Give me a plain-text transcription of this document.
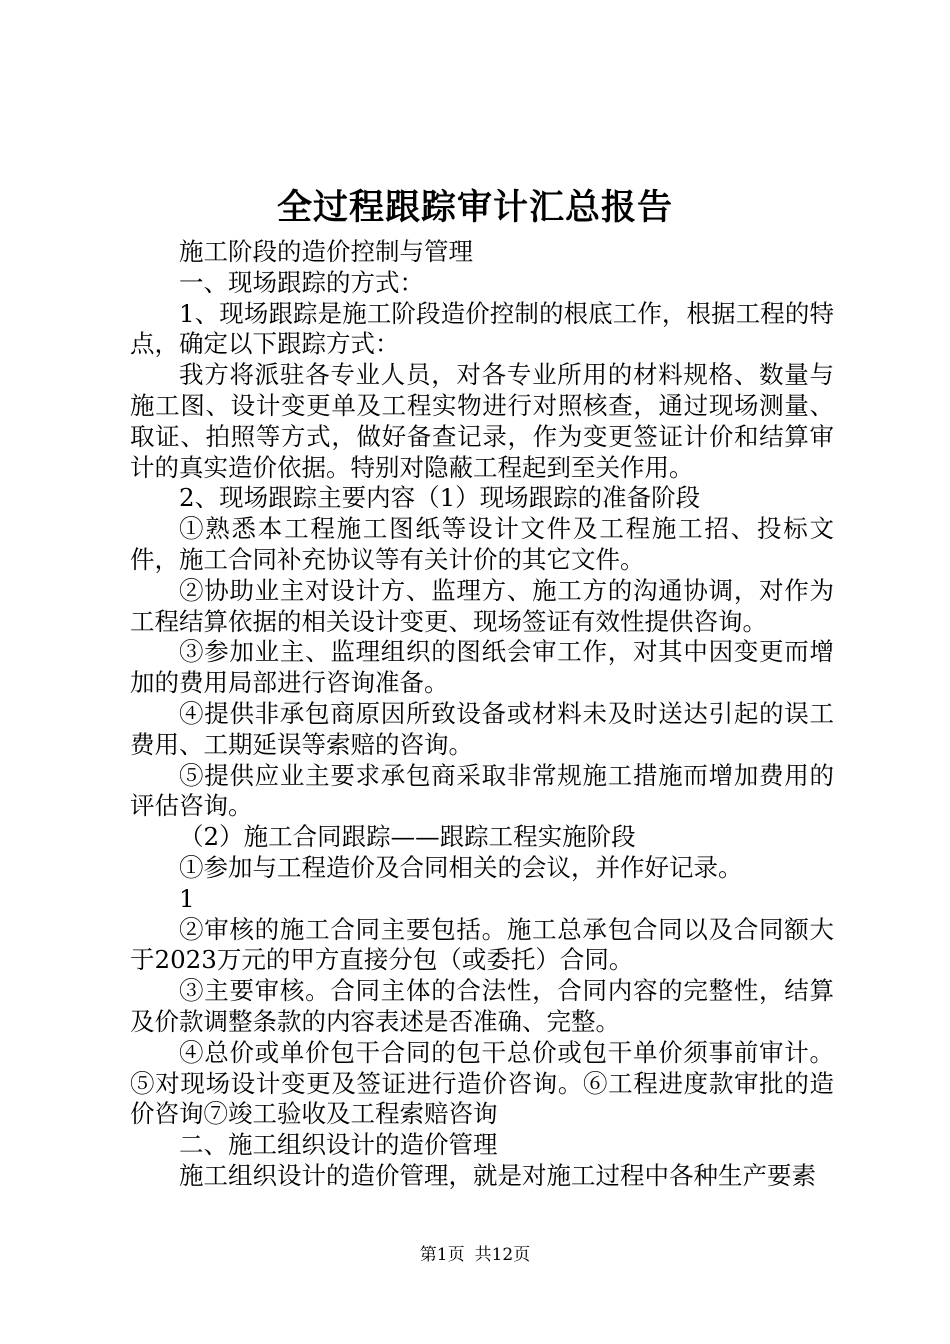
全过程跟踪审计汇总报告

施工阶段的造价控制与管理

一、现场跟踪的方式：

1、现场跟踪是施工阶段造价控制的根底工作，根据工程的特点，确定以下跟踪方式：

我方将派驻各专业人员，对各专业所用的材料规格、数量与施工图、设计变更单及工程实物进行对照核查，通过现场测量、取证、拍照等方式，做好备查记录，作为变更签证计价和结算审计的真实造价依据。特别对隐蔽工程起到至关作用。

2、现场跟踪主要内容（1）现场跟踪的准备阶段

①熟悉本工程施工图纸等设计文件及工程施工招、投标文件，施工合同补充协议等有关计价的其它文件。

②协助业主对设计方、监理方、施工方的沟通协调，对作为工程结算依据的相关设计变更、现场签证有效性提供咨询。

③参加业主、监理组织的图纸会审工作，对其中因变更而增加的费用局部进行咨询准备。

④提供非承包商原因所致设备或材料未及时送达引起的误工费用、工期延误等索赔的咨询。

⑤提供应业主要求承包商采取非常规施工措施而增加费用的评估咨询。

（2）施工合同跟踪——跟踪工程实施阶段

①参加与工程造价及合同相关的会议，并作好记录。

1

②审核的施工合同主要包括。施工总承包合同以及合同额大于2023万元的甲方直接分包（或委托）合同。

③主要审核。合同主体的合法性，合同内容的完整性，结算及价款调整条款的内容表述是否准确、完整。

④总价或单价包干合同的包干总价或包干单价须事前审计。⑤对现场设计变更及签证进行造价咨询。⑥工程进度款审批的造价咨询⑦竣工验收及工程索赔咨询

二、施工组织设计的造价管理

施工组织设计的造价管理，就是对施工过程中各种生产要素

第1页 共12页
